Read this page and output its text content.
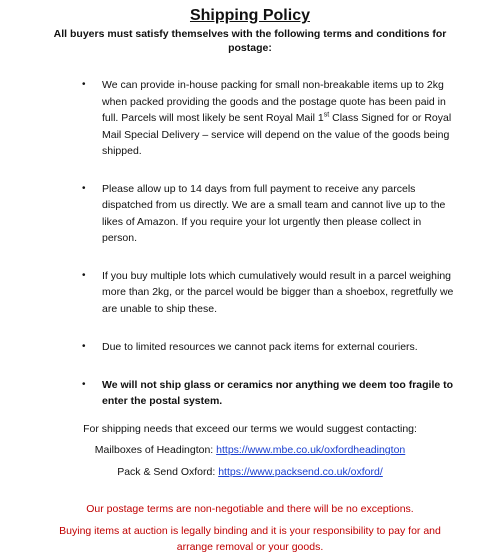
Shipping Policy

All buyers must satisfy themselves with the following terms and conditions for postage:

• We can provide in-house packing for small non-breakable items up to 2kg when packed providing the goods and the postage quote has been paid in full. Parcels will most likely be sent Royal Mail 1st Class Signed for or Royal Mail Special Delivery – service will depend on the value of the goods being shipped.
• Please allow up to 14 days from full payment to receive any parcels dispatched from us directly. We are a small team and cannot live up to the likes of Amazon. If you require your lot urgently then please collect in person.
• If you buy multiple lots which cumulatively would result in a parcel weighing more than 2kg, or the parcel would be bigger than a shoebox, regretfully we are unable to ship these.
• Due to limited resources we cannot pack items for external couriers.
• We will not ship glass or ceramics nor anything we deem too fragile to enter the postal system.
For shipping needs that exceed our terms we would suggest contacting:
Mailboxes of Headington: https://www.mbe.co.uk/oxfordheadington
Pack & Send Oxford: https://www.packsend.co.uk/oxford/
Our postage terms are non-negotiable and there will be no exceptions.
Buying items at auction is legally binding and it is your responsibility to pay for and arrange removal or your goods.
